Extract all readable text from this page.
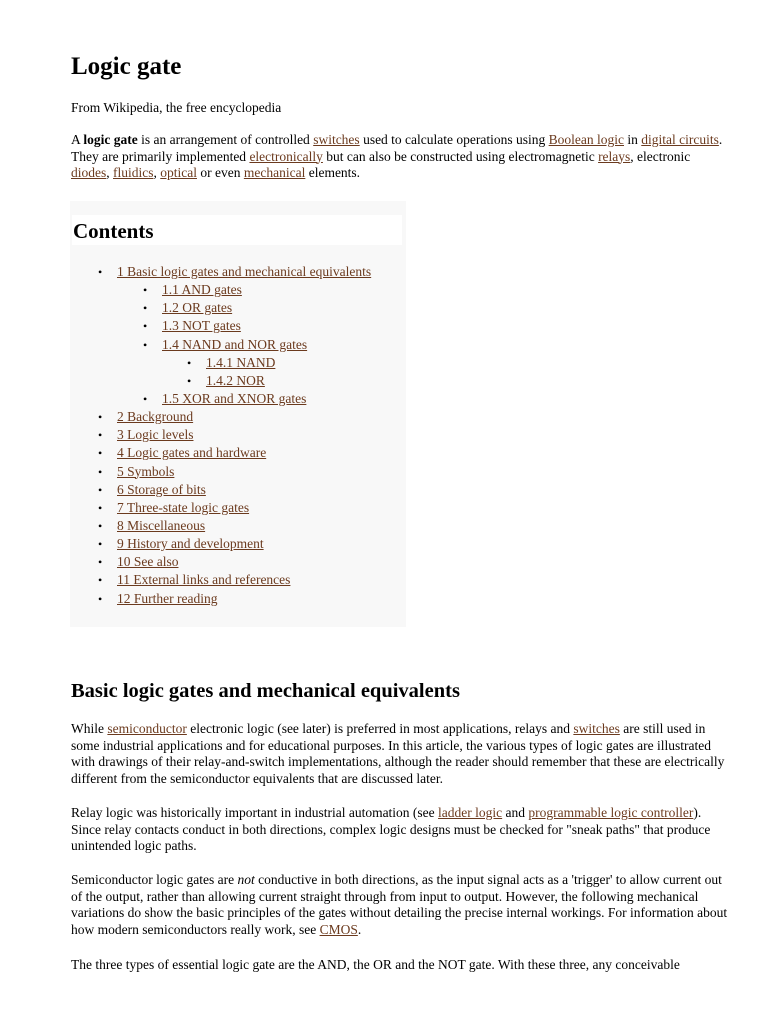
Logic gate

From Wikipedia, the free encyclopedia

A logic gate is an arrangement of controlled switches used to calculate operations using Boolean logic in digital circuits. They are primarily implemented electronically but can also be constructed using electromagnetic relays, electronic diodes, fluidics, optical or even mechanical elements.

Contents
• 1 Basic logic gates and mechanical equivalents
• 1.1 AND gates
• 1.2 OR gates
• 1.3 NOT gates
• 1.4 NAND and NOR gates
• 1.4.1 NAND
• 1.4.2 NOR
• 1.5 XOR and XNOR gates
• 2 Background
• 3 Logic levels
• 4 Logic gates and hardware
• 5 Symbols
• 6 Storage of bits
• 7 Three-state logic gates
• 8 Miscellaneous
• 9 History and development
• 10 See also
• 11 External links and references
• 12 Further reading
Basic logic gates and mechanical equivalents

While semiconductor electronic logic (see later) is preferred in most applications, relays and switches are still used in some industrial applications and for educational purposes. In this article, the various types of logic gates are illustrated with drawings of their relay-and-switch implementations, although the reader should remember that these are electrically different from the semiconductor equivalents that are discussed later.

Relay logic was historically important in industrial automation (see ladder logic and programmable logic controller). Since relay contacts conduct in both directions, complex logic designs must be checked for "sneak paths" that produce unintended logic paths.

Semiconductor logic gates are not conductive in both directions, as the input signal acts as a 'trigger' to allow current out of the output, rather than allowing current straight through from input to output. However, the following mechanical variations do show the basic principles of the gates without detailing the precise internal workings. For information about how modern semiconductors really work, see CMOS.

The three types of essential logic gate are the AND, the OR and the NOT gate. With these three, any conceivable
